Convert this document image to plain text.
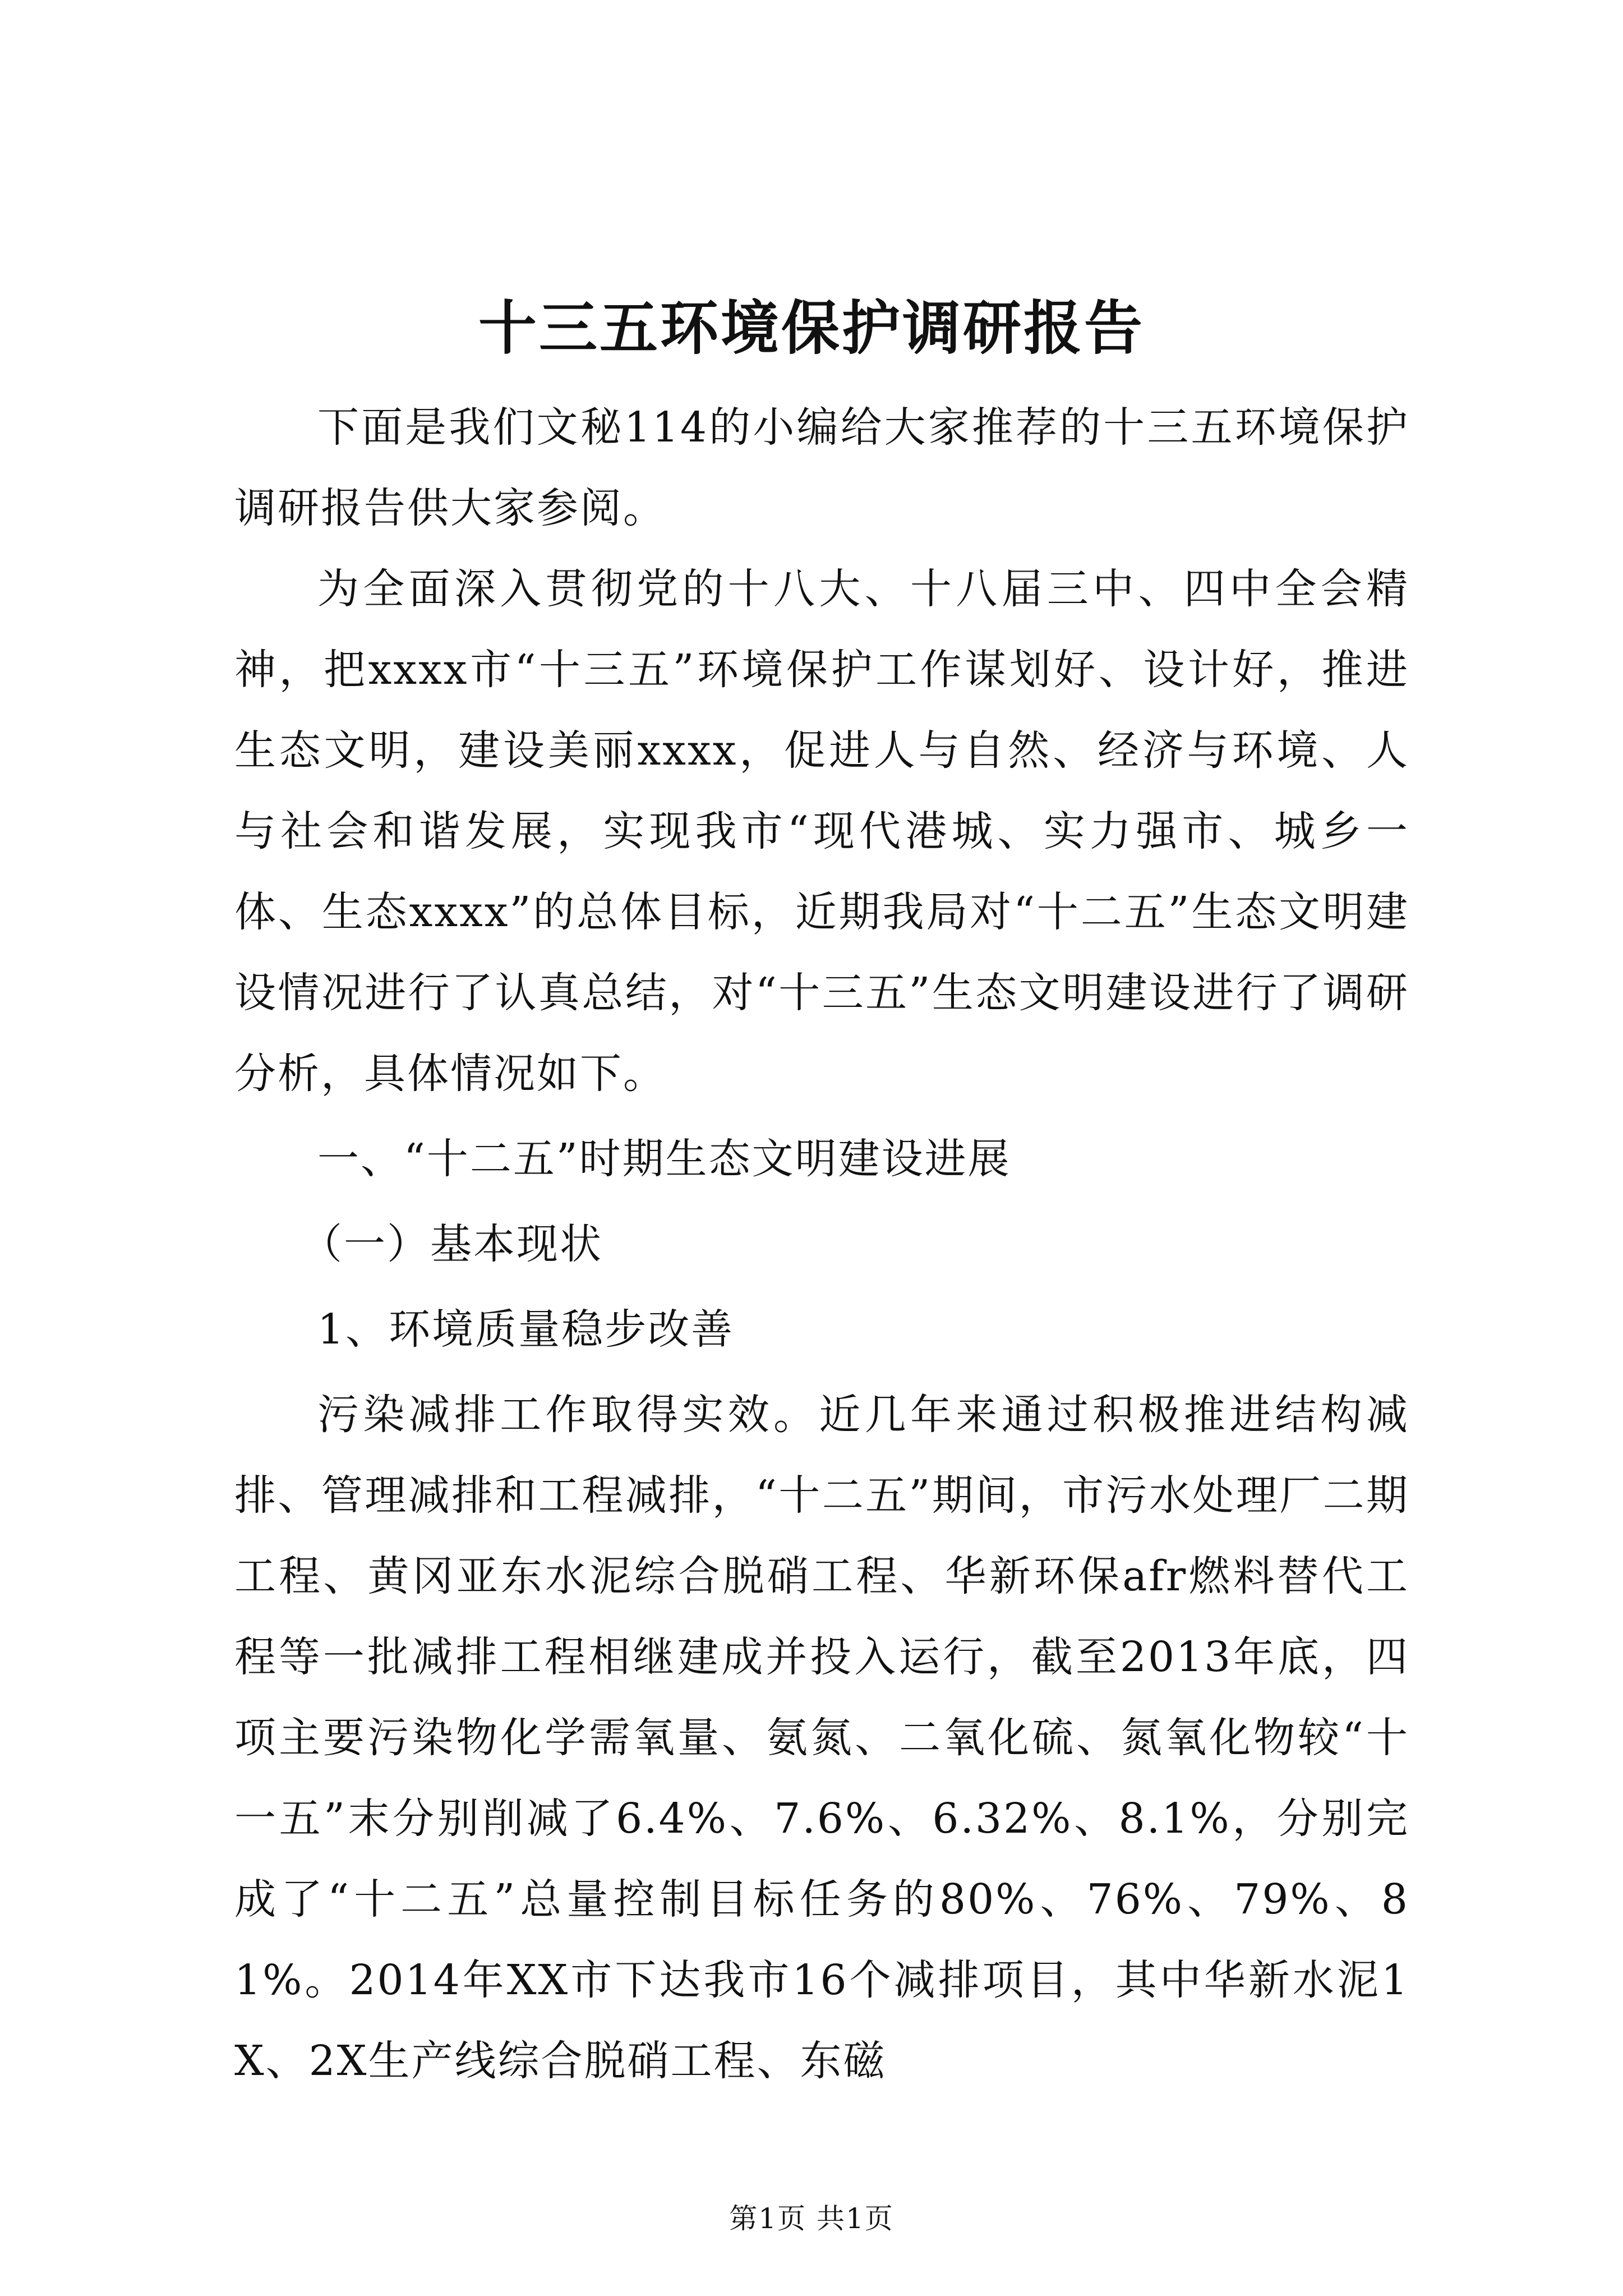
十三五环境保护调研报告

下面是我们文秘114的小编给大家推荐的十三五环境保护调研报告供大家参阅。

为全面深入贯彻党的十八大、十八届三中、四中全会精神，把xxxx市“十三五”环境保护工作谋划好、设计好，推进生态文明，建设美丽xxxx，促进人与自然、经济与环境、人与社会和谐发展，实现我市“现代港城、实力强市、城乡一体、生态xxxx”的总体目标，近期我局对“十二五”生态文明建设情况进行了认真总结，对“十三五”生态文明建设进行了调研分析，具体情况如下。

一、“十二五”时期生态文明建设进展

（一）基本现状

1、环境质量稳步改善

污染减排工作取得实效。近几年来通过积极推进结构减排、管理减排和工程减排，“十二五”期间，市污水处理厂二期工程、黄冈亚东水泥综合脱硝工程、华新环保afr燃料替代工程等一批减排工程相继建成并投入运行，截至2013年底，四项主要污染物化学需氧量、氨氮、二氧化硫、氮氧化物较“十一五”末分别削减了6.4%、7.6%、6.32%、8.1%，分别完成了“十二五”总量控制目标任务的80%、76%、79%、81%。2014年XX市下达我市16个减排项目，其中华新水泥1X、2X生产线综合脱硝工程、东磁

第1页 共1页
